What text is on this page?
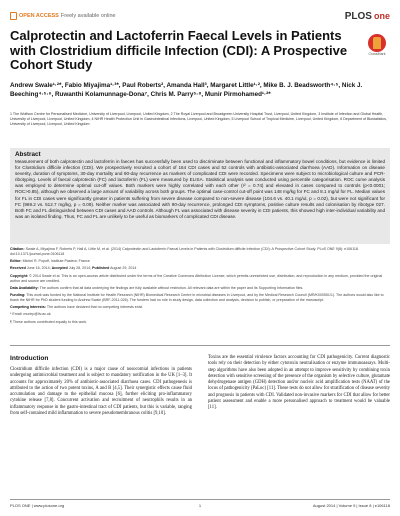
OPEN ACCESS Freely available online	PLOS one
CrossMark
Calprotectin and Lactoferrin Faecal Levels in Patients with Clostridium difficile Infection (CDI): A Prospective Cohort Study
Andrew Swale¹·²*, Fabio Miyajima¹·³*, Paul Roberts², Amanda Hall³, Margaret Little¹·², Mike B. J. Beadsworth⁴·⁵, Nick J. Beeching⁴·⁵·⁶, Ruwanthi Kolamunnage-Dona⁷, Chris M. Parry⁵·⁸, Munir Pirmohamed¹·²*
1 The Wolfson Centre for Personalised Medicine, University of Liverpool, Liverpool, United Kingdom, 2 The Royal Liverpool and Broadgreen University Hospital Trust, Liverpool, United Kingdom, 3 Institute of Infection and Global Health, University of Liverpool, Liverpool, United Kingdom, 4 NIHR Health Protection Unit in Gastrointestinal Infections, Liverpool, United Kingdom, 5 Liverpool School of Tropical Medicine, Liverpool, United Kingdom, 6 Department of Biostatistics, University of Liverpool, Liverpool, United Kingdom
Abstract

Measurement of both calprotectin and lactoferrin in faeces has successfully been used to discriminate between functional and inflammatory bowel conditions, but evidence is limited for Clostridium difficile infection (CDI). We prospectively recruited a cohort of 164 CDI cases and 52 controls with antibiotic-associated diarrhoea (AAD). Information on disease severity, duration of symptoms, 30-day mortality and 90-day recurrence as markers of complicated CDI were recorded. Specimens were subject to microbiological culture and PCR-ribotyping. Levels of faecal calprotectin (FC) and lactoferrin (FL) were measured by ELISA. Statistical analysis was conducted using percentile categorisation. ROC curve analysis was employed to determine optimal cut-off values. Both markers were highly correlated with each other (r² = 0.74) and elevated in cases compared to controls (p<0.0001; ROC>0.85), although we observed a large amount of variability across both groups. The optimal case-control cut-off point was 148 mg/kg for FC and 8.1 mg/ul for FL. Median values for FL in CDI cases were significantly greater in patients suffering from severe disease compared to non-severe disease (104.6 vs. 40.1 mg/ul, p = 0.02), but were not significant for FC (969.2 vs. 512.7 mg/kg, p = 0.09). Neither marker was associated with 90-day recurrence, prolonged CDI symptoms, positive culture results and colonisation by ribotype 027. Both FC and FL distinguished between CDI cases and AAD controls. Although FL was associated with disease severity in CDI patients, this showed high inter-individual variability and was an isolated finding. Thus, FC and FL are unlikely to be useful as biomarkers of complicated CDI disease.

Citation: Swale A, Miyajima F, Roberts P, Hall A, Little M, et al. (2014) Calprotectin and Lactoferrin Faecal Levels in Patients with Clostridium difficile Infection (CDI): A Prospective Cohort Study. PLoS ONE 9(8): e106118. doi:10.1371/journal.pone.0106118

Editor: Michel R. Popoff, Institute Pasteur, France

Received June 16, 2014; Accepted July 28, 2014; Published August 29, 2014

Copyright: © 2014 Swale et al. This is an open-access article distributed under the terms of the Creative Commons Attribution License, which permits unrestricted use, distribution, and reproduction in any medium, provided the original author and source are credited.

Data Availability: The authors confirm that all data underlying the findings are fully available without restriction. All relevant data are within the paper and its Supporting Information files.

Funding: This work was funded by the National Institute for Health Research (NIHR) Biomedical Research Centre in microbial diseases in Liverpool, and by the Medical Research Council (MR/K000551/1). The authors would also like to thank the NIHR for PhD student funding to Andrew Swale (BRF-2011-026). The funders had no role in study design, data collection and analysis, decision to publish, or preparation of the manuscript.

Competing Interests: The authors have declared that no competing interests exist.

* Email: munirp@liv.ac.uk

¶ These authors contributed equally to this work.

Introduction

Clostridium difficile infection (CDI) is a major cause of nosocomial infections in patients undergoing antimicrobial treatment and is subject to mandatory notification in the UK [1–3]. It accounts for approximately 20% of antibiotic-associated diarrhoea cases. CDI pathogenesis is attributed to the action of two potent toxins, A and B [4,5]. Their synergistic effects cause fluid accumulation and damage to the epithelial mucosa [6], further eliciting pro-inflammatory cytokine release [7,8]. Concurrent activation and recruitment of neutrophils results in an inflammatory response in the gastro-intestinal tract of CDI patients, but this is variable, ranging from self-contained mild inflammation to severe pseudomembranous colitis [9,10].

Toxins are the essential virulence factors accounting for CDI pathogenicity. Current diagnostic tools rely on their detection by either cytotoxin neutralisation or enzyme immunoassays. Multi-step algorithms have also been adopted in an attempt to improve sensitivity by combining toxin detection with sensitive screening of the presence of the organism by selective culture, glutamate dehydrogenase antigen (GDH) detection and/or nucleic acid amplification tests (NAAT) of the locus of pathogenicity (PaLoc) [11]. These tests do not allow for stratification of disease severity and prognosis in patients with CDI. Validated non-invasive markers for CDI that allow for better patient assessment and enable a more personalised approach to treatment would be valuable [11].

PLOS ONE | www.plosone.org	1	August 2014 | Volume 9 | Issue 8 | e106118
